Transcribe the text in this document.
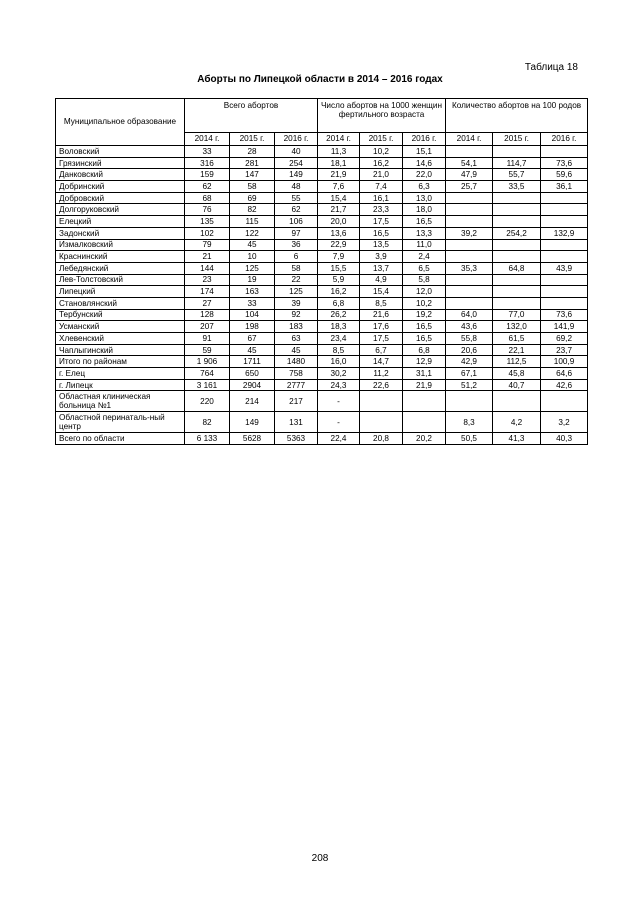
Таблица 18
Аборты по Липецкой области в 2014 – 2016 годах
Муниципальное образование	Всего абортов			Число абортов на 1000 женщин фертильного возраста			Количество абортов на 100 родов		
	2014 г.	2015 г.	2016 г.	2014 г.	2015 г.	2016 г.	2014 г.	2015 г.	2016 г.
Воловский	33	28	40	11,3	10,2	15,1			
Грязинский	316	281	254	18,1	16,2	14,6	54,1	114,7	73,6
Данковский	159	147	149	21,9	21,0	22,0	47,9	55,7	59,6
Добринский	62	58	48	7,6	7,4	6,3	25,7	33,5	36,1
Добровский	68	69	55	15,4	16,1	13,0			
Долгоруковский	76	82	62	21,7	23,3	18,0			
Елецкий	135	115	106	20,0	17,5	16,5			
Задонский	102	122	97	13,6	16,5	13,3	39,2	254,2	132,9
Измалковский	79	45	36	22,9	13,5	11,0			
Краснинский	21	10	6	7,9	3,9	2,4			
Лебедянский	144	125	58	15,5	13,7	6,5	35,3	64,8	43,9
Лев-Толстовский	23	19	22	5,9	4,9	5,8			
Липецкий	174	163	125	16,2	15,4	12,0			
Становлянский	27	33	39	6,8	8,5	10,2			
Тербунский	128	104	92	26,2	21,6	19,2	64,0	77,0	73,6
Усманский	207	198	183	18,3	17,6	16,5	43,6	132,0	141,9
Хлевенский	91	67	63	23,4	17,5	16,5	55,8	61,5	69,2
Чаплыгинский	59	45	45	8,5	6,7	6,8	20,6	22,1	23,7
Итого по районам	1 906	1711	1480	16,0	14,7	12,9	42,9	112,5	100,9
г. Елец	764	650	758	30,2	11,2	31,1	67,1	45,8	64,6
г. Липецк	3 161	2904	2777	24,3	22,6	21,9	51,2	40,7	42,6
Областная клиническая больница №1	220	214	217	-					
Областной перинаталь-ный центр	82	149	131	-			8,3	4,2	3,2
Всего по области	6 133	5628	5363	22,4	20,8	20,2	50,5	41,3	40,3
208
